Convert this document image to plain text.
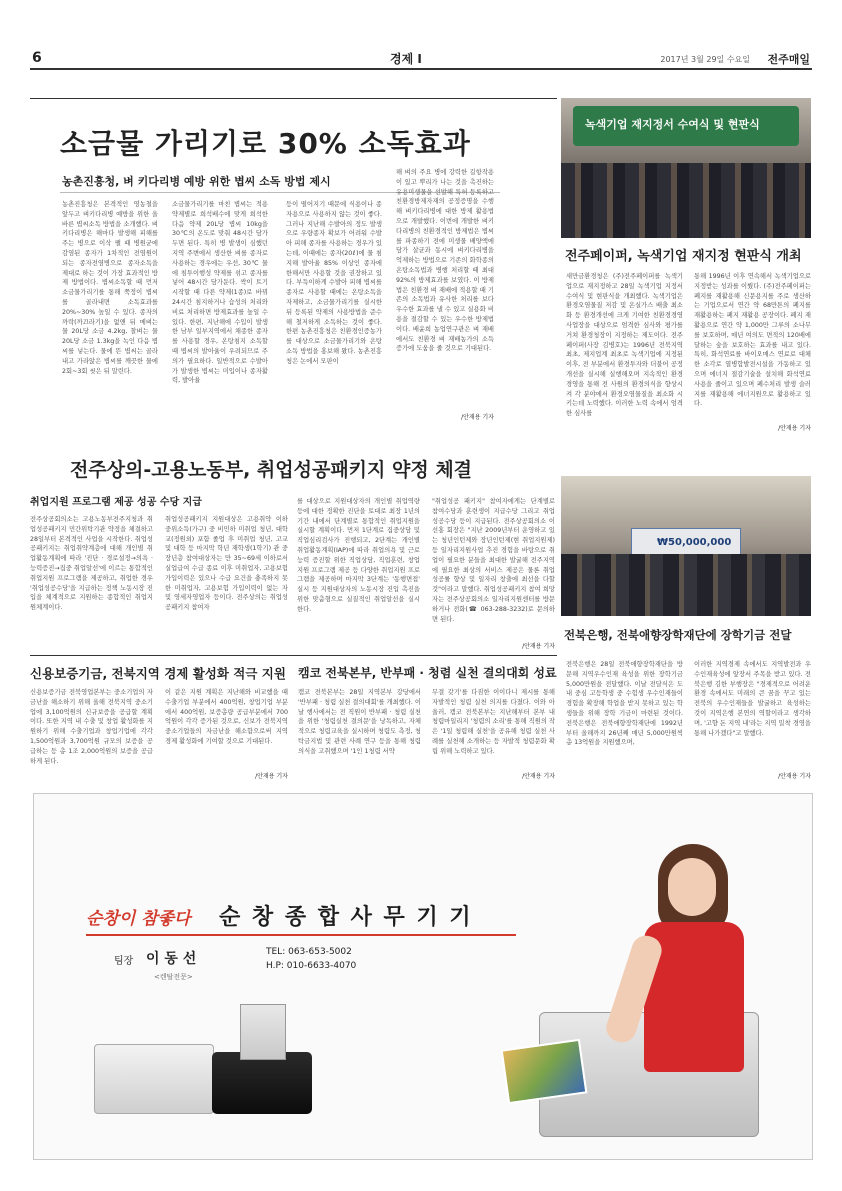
6	경제 I	2017년 3월 29일 수요일 전주매일
소금물 가리기로 30% 소독효과
농촌진흥청, 벼 키다리병 예방 위한 볍씨 소독 방법 제시
농촌진흥청은 본격적인 영농철을 앞두고 벼키다리병 예방을 위한 올바른 볍씨소독 방법을 소개했다. 벼키다리병은 해마다 발생해 피해를 주는 병으로 이삭 팰 때 병원균에 감염된 종자가 1차적인 전염원이 되는 종자전염병으로 종자소독을 제대로 하는 것이 가장 효과적인 방제 방법이다. 볍씨소독할 때 먼저 소금물가리기를 통해 쭉정이 볍씨를 골라내면 소독효과를 20%~30% 높일 수 있다. 종자의 까락(까끄라기)을 없앤 뒤 메벼는 물 20L당 소금 4.2kg, 찰벼는 물 20L당 소금 1.3kg을 녹인 다음 볍씨를 넣는다. 물에 뜬 볍씨는 골라내고 가라앉은 볍씨를 깨끗한 물에 2회~3회 씻은 뒤 말린다.
소금물가리기를 마친 볍씨는 적용 약제별로 희석배수에 맞게 희석한 다음 약제 20L당 볍씨 10kg을 30℃의 온도로 맞춰 48시간 담가두면 된다. 특히 병 발생이 심했던 지역 주변에서 생산한 벼를 종자로 사용하는 경우에는 우선, 30℃ 물에 침투이행성 약제를 섞고 종자를 넣어 48시간 담가둔다. 싹이 트기 시작할 때 다른 약제(1종)로 바꿔 24시간 침지하거나 습성의 처리와 비료 처리하면 방제효과를 높일 수 있다. 한편, 지난해에 수입이 발생한 남부 일부지역에서 채종한 종자를 사용할 경우, 온탕침지 소독할 때 볍씨의 발아율이 우려되므로 주의가 필요하다. 일반적으로 수발아가 발생한 볍씨는 미입이나 종자활력, 발아율
등이 떨어지기 때문에 식용이나 종자용으로 사용하지 않는 것이 좋다. 그러나 지난해 수발아의 정도 발생으로 우량종자 확보가 어려워 수발아 피해 종자를 사용하는 경우가 있는데, 이때에는 종자(20ℓ)에 물 침지해 발아율 85% 이상인 종자에 한해서만 사용할 것을 권장하고 있다. 부득이하게 수발아 피해 볍씨를 종자로 사용할 때에는 온탕소독을 자제하고, 소금물가리기를 실시한 뒤 등록된 약제의 사용방법을 준수해 철저하게 소독하는 것이 좋다. 한편 농촌진흥청은 친환경인증농가를 대상으로 소금물가리기와 온탕소독 방법을 홍보해 왔다. 농촌진흥청은 논에서 모판이
해 벼의 주요 병에 강력한 길항작용이 있고 뿌리가 나는 것을 촉진하는 유용미생물을 선발해 특허 등록하고 친환경방제자재의 공정증명을 수행해 벼키다리병에 대한 방제 활용법으로 개발했다. 이번에 개발한 벼키다리병의 친환경적인 방제법은 볍씨를 파종하기 전에 미생물 배양액에 담가 살균과 동시에 벼키다리병을 억제하는 방법으로 기존의 화학종의 온탕소독법과 병행 처리할 때 최대 92%의 방제효과를 보였다. 이 방제법은 친환경 벼 재배에 적용할 때 기존의 소독법과 유사한 처리를 보다 우수한 효과를 낼 수 있고 실용화 비용을 절감할 수 있는 우수한 방제법이다. 배윤희 농업연구관은 벼 재배에서도 친환경 벼 재배농가의 소득증가에 도움을 줄 것으로 기대된다.
/안재용 기자
녹색기업 재지정서 수여식 및 현판식
전주페이퍼, 녹색기업 재지정 현판식 개최
새만금환경청은 (주)전주페이퍼를 녹색기업으로 재지정하고 28일 녹색기업 지정서 수여식 및 현판식을 개최했다. 녹색기업은 환경오염물질 저감 및 온실가스 배출 최소화 등 환경개선에 크게 기여한 친환경경영 사업장을 대상으로 엄격한 심사와 평가를 거쳐 환경청장이 지정하는 제도이다. 전주페이퍼(사장 김병호)는 1996년 전북지역 최초, 제지업계 최초로 녹색기업에 지정된 이후, 전 부분에서 환경투자와 더불어 공정개선을 실시해 실행해오며 지속적인 환경경영을 통해 전 사원의 환경의식을 향상시켜 각 분야에서 환경오염물질을 최소화 시키는데 노력했다. 이러한 노력 속에서 엄격한 심사를
통해 1996년 이후 연속해서 녹색기업으로 지정받는 성과를 이뤘다. (주)전주페이퍼는 폐지를 재활용해 신문용지를 주로 생산하는 기업으로서 연간 약 68만톤의 폐지를 재활용하는 폐지 재활용 공장이다. 폐지 재활용으로 연간 약 1,000만 그루의 소나무를 보호하며, 매년 여의도 면적의 120배에 달하는 숲을 보호하는 효과를 내고 있다. 특히, 화석연료를 바이오매스 연료로 대체한 소각로 열병합발전시설을 가동하고 있으며 에너지 절감기술을 설치해 화석연료 사용을 줄이고 있으며 폐수처리 발생 슬러지를 재활용해 에너지원으로 활용하고 있다.
/안재용 기자
전주상의-고용노동부, 취업성공패키지 약정 체결
취업지원 프로그램 제공 성공 수당 지급
전주상공회의소는 고용노동부전주지청과 취업성공패키지 민간위탁기관 약정을 체결하고 28일부터 본격적인 사업을 시작한다. 취업성공패키지는 취업취약계층에 대해 개인별 취업활동계획에 따라 '진단 · 경로설정→의욕 · 능력증진→집중 취업알선'에 이르는 통합적인 취업지원 프로그램을 제공하고, 취업한 경우 '취업성공수당'을 지급하는 정책 노동시장 진입을 체계적으로 지원하는 종합적인 취업지원체계이다.
취업성공패키지 지원대상은 고용취약 이하 중위소득(가구) 중 비민하 미취업 청년, 대학교(정원외) 포함 졸업 후 미취업 청년, 고교 및 대학 등 마지막 학년 재학생(1학기) 관 중장년층 참여대상자는 만 35~69세 이하로서 실업급여 수급 종료 이후 미취업자, 고용보험 가입이력은 있으나 수급 요건을 충족하지 못한 미취업자, 고용보험 가입이력이 없는 자 및 영세자영업자 등이다. 전주상의는 취업성공패키지 참여자
를 대상으로 지원대상자의 개인별 취업역량 등에 대한 정확한 진단을 토대로 최장 1년의 기간 내에서 단계별로 통합적인 취업지원을 실시할 계획이다. 먼저 1단계로 집중상담 및 직업심리검사가 진행되고, 2단계는 개인별 취업활동계획(IAP)에 따라 취업의욕 및 근로능력 증진할 위한 직업상담, 직업훈련, 창업지원 프로그램 제공 등 다양한 취업지원 프로그램을 제공하며 마지막 3단계는 '동행면접' 실시 등 지원대상자의 노동시장 진입 촉진을 위한 맞춤형으로 실질적인 취업알선을 실시한다.
"취업성공 패키지" 참여자에게는 단계별로 참여수당과 훈련생이 지급수당 그리고 취업성공수당 등이 지급된다. 전주상공회의소 이선홍 회장은 "지난 2009년부터 운영하고 있는 청년인턴제와 장년인턴제(현 취업지원제) 등 일자리지원사업 추진 경험을 바탕으로 취업이 필요한 분들을 최대한 발굴해 전주지역에 필요한 최상의 서비스 제공은 물론 취업 성공률 향상 및 일자리 창출에 최선을 다할 것"이라고 말했다. 취업성공패키지 참여 희망자는 전주상공회의소 일자리지원센터를 방문하거나 전화(☎ 063-288-3232)로 문의하면 된다.
/안재용 기자
₩50,000,000
전북은행, 전북애향장학재단에 장학기금 전달
신용보증기금, 전북지역 경제 활성화 적극 지원
신용보증기금 전북영업본부는 중소기업의 자금난을 해소하기 위해 올해 전북지역 중소기업에 3,100억원의 신규보증을 공급할 계획이다. 또한 지역 내 수출 및 창업 활성화를 지원하기 위해 수출기업과 창업기업에 각각 1,500억원과 3,700억원 규모의 보증을 공급하는 등 총 1조 2,000억원의 보증을 공급하게 된다.
이 같은 지원 계획은 지난해와 비교했을 때 수출기업 부분에서 400억원, 창업기업 부분에서 400억원, 보증총량 공급부분에서 700억원이 각각 증가된 것으로, 신보가 전북지역 중소기업들의 자금난을 해소함으로써 지역 경제 활성화에 기여할 것으로 기대된다.
/안재용 기자
캠코 전북본부, 반부패 · 청렴 실천 결의대회 성료
캠코 전북본부는 28일 지역본부 강당에서 '반부패 · 청렴 실천 결의대회'를 개최했다. 이날 행사에서는 전 직원이 반부패 · 청렴 실천을 위한 '청렴실천 결의문'을 낭독하고, 자체적으로 청렴교육을 실시하며 청렴도 측정, 청탁금지법 및 관련 사례 연구 등을 통해 청렴의식을 고취했으며 '1인 1청렴 서약
무결 갖기'를 다짐한 이이다니 제시를 통해 자발적인 청렴 실천 의지를 다졌다. 이와 아울러, 캠코 전북본부는 지난해부터 본부 내 청렴마일리지 '청렴의 소리'를 통해 직원의 작은 '1일 청렴해 실천'을 공유해 청렴 실천 사례를 실천해 소개하는 등 자발적 청렴문화 확립 위해 노력하고 있다.
/안재용 기자
전북은행은 28일 전북애향장학재단을 방문해 지역우수인재 육성을 위한 장학기금 5,000만원을 전달했다. 이날 전달식은 도내 중심 고등학생 중 수험생 우수인재들이 경험을 확장해 학업을 받지 못하고 있는 학생들을 위해 장학 기금이 마련된 것이다. 전북은행은 전북애향장학재단에 1992년부터 올해까지 26년째 매년 5,000만원씩 총 13억원을 지원했으며,
이러한 지역경제 속에서도 지역발전과 우수인재육성에 앞장서 주목을 받고 있다. 전북은행 김한 부행장은 "경제적으로 어려운 환경 속에서도 미래의 큰 꿈을 꾸고 있는 전북의 우수인재들을 발굴하고 육성하는 것이 지역은행 본연의 역할이라고 생각하며, '고향 돈 지역 내'라는 지역 밀착 경영을 통해 나가겠다"고 말했다.
/안재용 기자
순창이 참좋다 순 창 종 합 사 무 기 기
팀장 이 동 선
<렌탈전문>
TEL: 063-653-5002
H.P: 010-6633-4070
